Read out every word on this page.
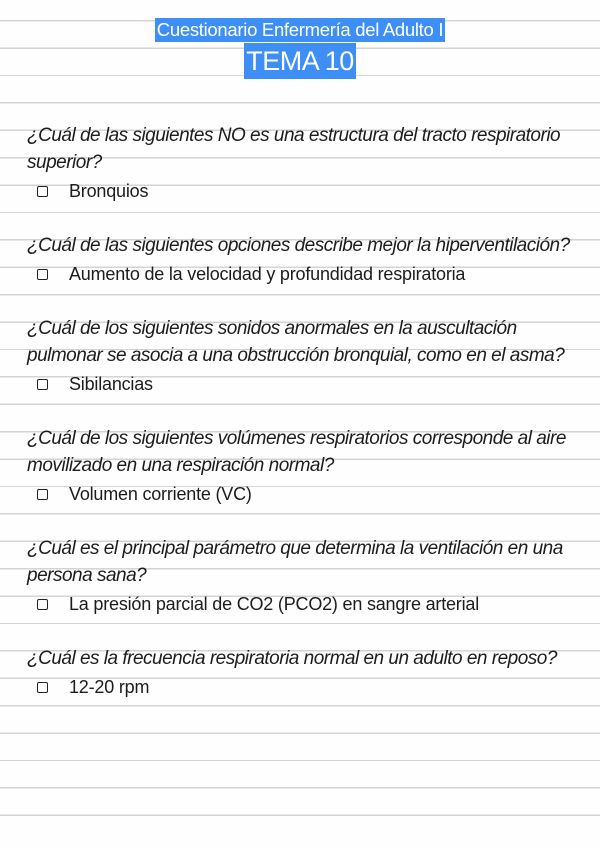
Cuestionario Enfermería del Adulto I
TEMA 10

¿Cuál de las siguientes NO es una estructura del tracto respiratorio superior?

Bronquios

¿Cuál de las siguientes opciones describe mejor la hiperventilación?

Aumento de la velocidad y profundidad respiratoria

¿Cuál de los siguientes sonidos anormales en la auscultación pulmonar se asocia a una obstrucción bronquial, como en el asma?

Sibilancias

¿Cuál de los siguientes volúmenes respiratorios corresponde al aire movilizado en una respiración normal?

Volumen corriente (VC)

¿Cuál es el principal parámetro que determina la ventilación en una persona sana?

La presión parcial de CO2 (PCO2) en sangre arterial

¿Cuál es la frecuencia respiratoria normal en un adulto en reposo?

12-20 rpm
